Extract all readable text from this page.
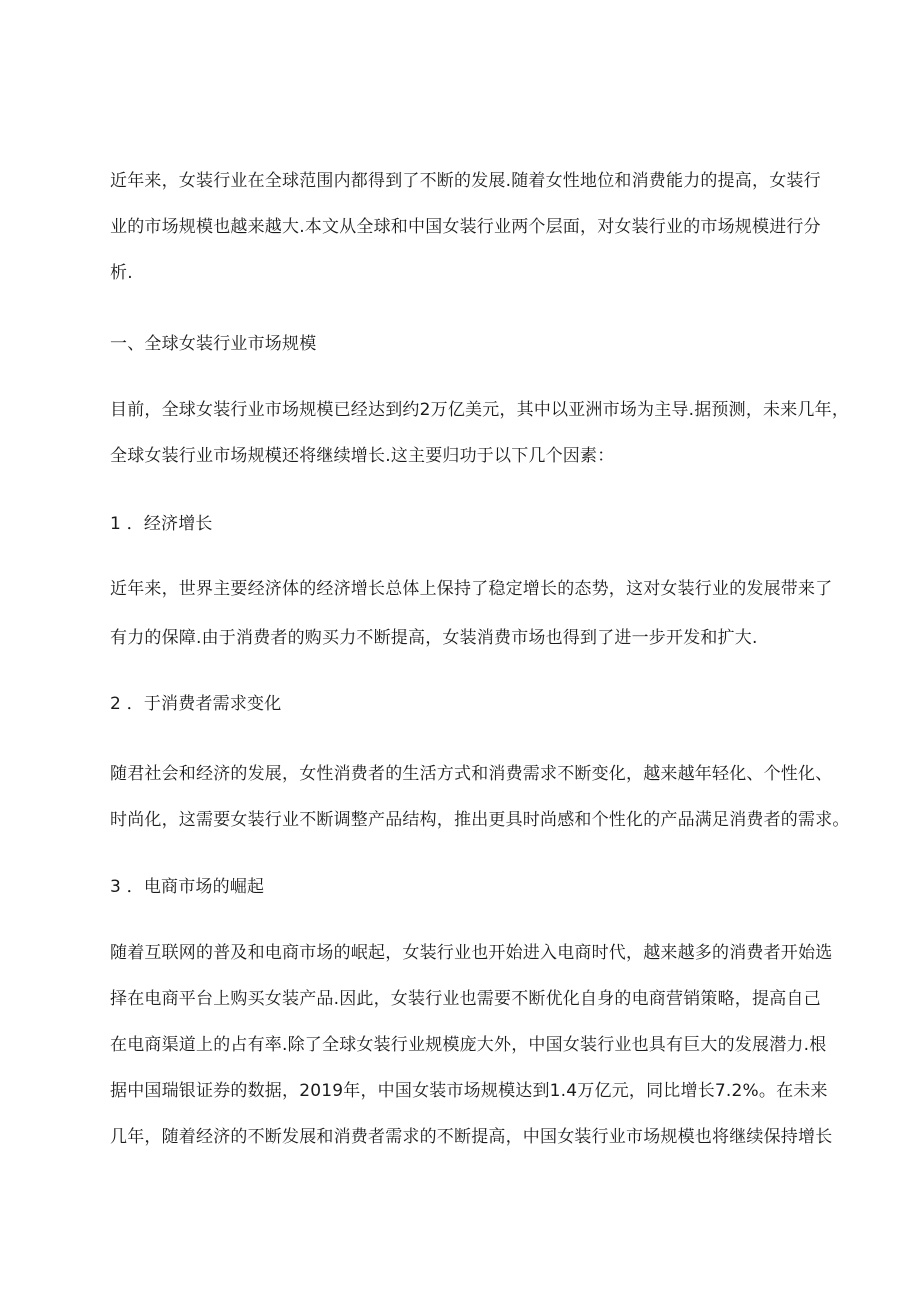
近年来，女装行业在全球范围内都得到了不断的发展.随着女性地位和消费能力的提高，女装行
业的市场规模也越来越大.本文从全球和中国女装行业两个层面，对女装行业的市场规模进行分
析.
一、全球女装行业市场规模
目前，全球女装行业市场规模已经达到约2万亿美元，其中以亚洲市场为主导.据预测，未来几年，
全球女装行业市场规模还将继续增长.这主要归功于以下几个因素：
1 ．经济增长
近年来，世界主要经济体的经济增长总体上保持了稳定增长的态势，这对女装行业的发展带来了
有力的保障.由于消费者的购买力不断提高，女装消费市场也得到了进一步开发和扩大.
2 ．于消费者需求变化
随君社会和经济的发展，女性消费者的生活方式和消费需求不断变化，越来越年轻化、个性化、
时尚化，这需要女装行业不断调整产品结构，推出更具时尚感和个性化的产品满足消费者的需求。
3 ．电商市场的崛起
随着互联网的普及和电商市场的岷起，女装行业也开始进入电商时代，越来越多的消费者开始选
择在电商平台上购买女装产品.因此，女装行业也需要不断优化自身的电商营销策略，提高自己
在电商渠道上的占有率.除了全球女装行业规模庞大外，中国女装行业也具有巨大的发展潜力.根
据中国瑞银证券的数据，2019年，中国女装市场规模达到1.4万亿元，同比增长7.2%。在未来
几年，随着经济的不断发展和消费者需求的不断提高，中国女装行业市场规模也将继续保持增长
